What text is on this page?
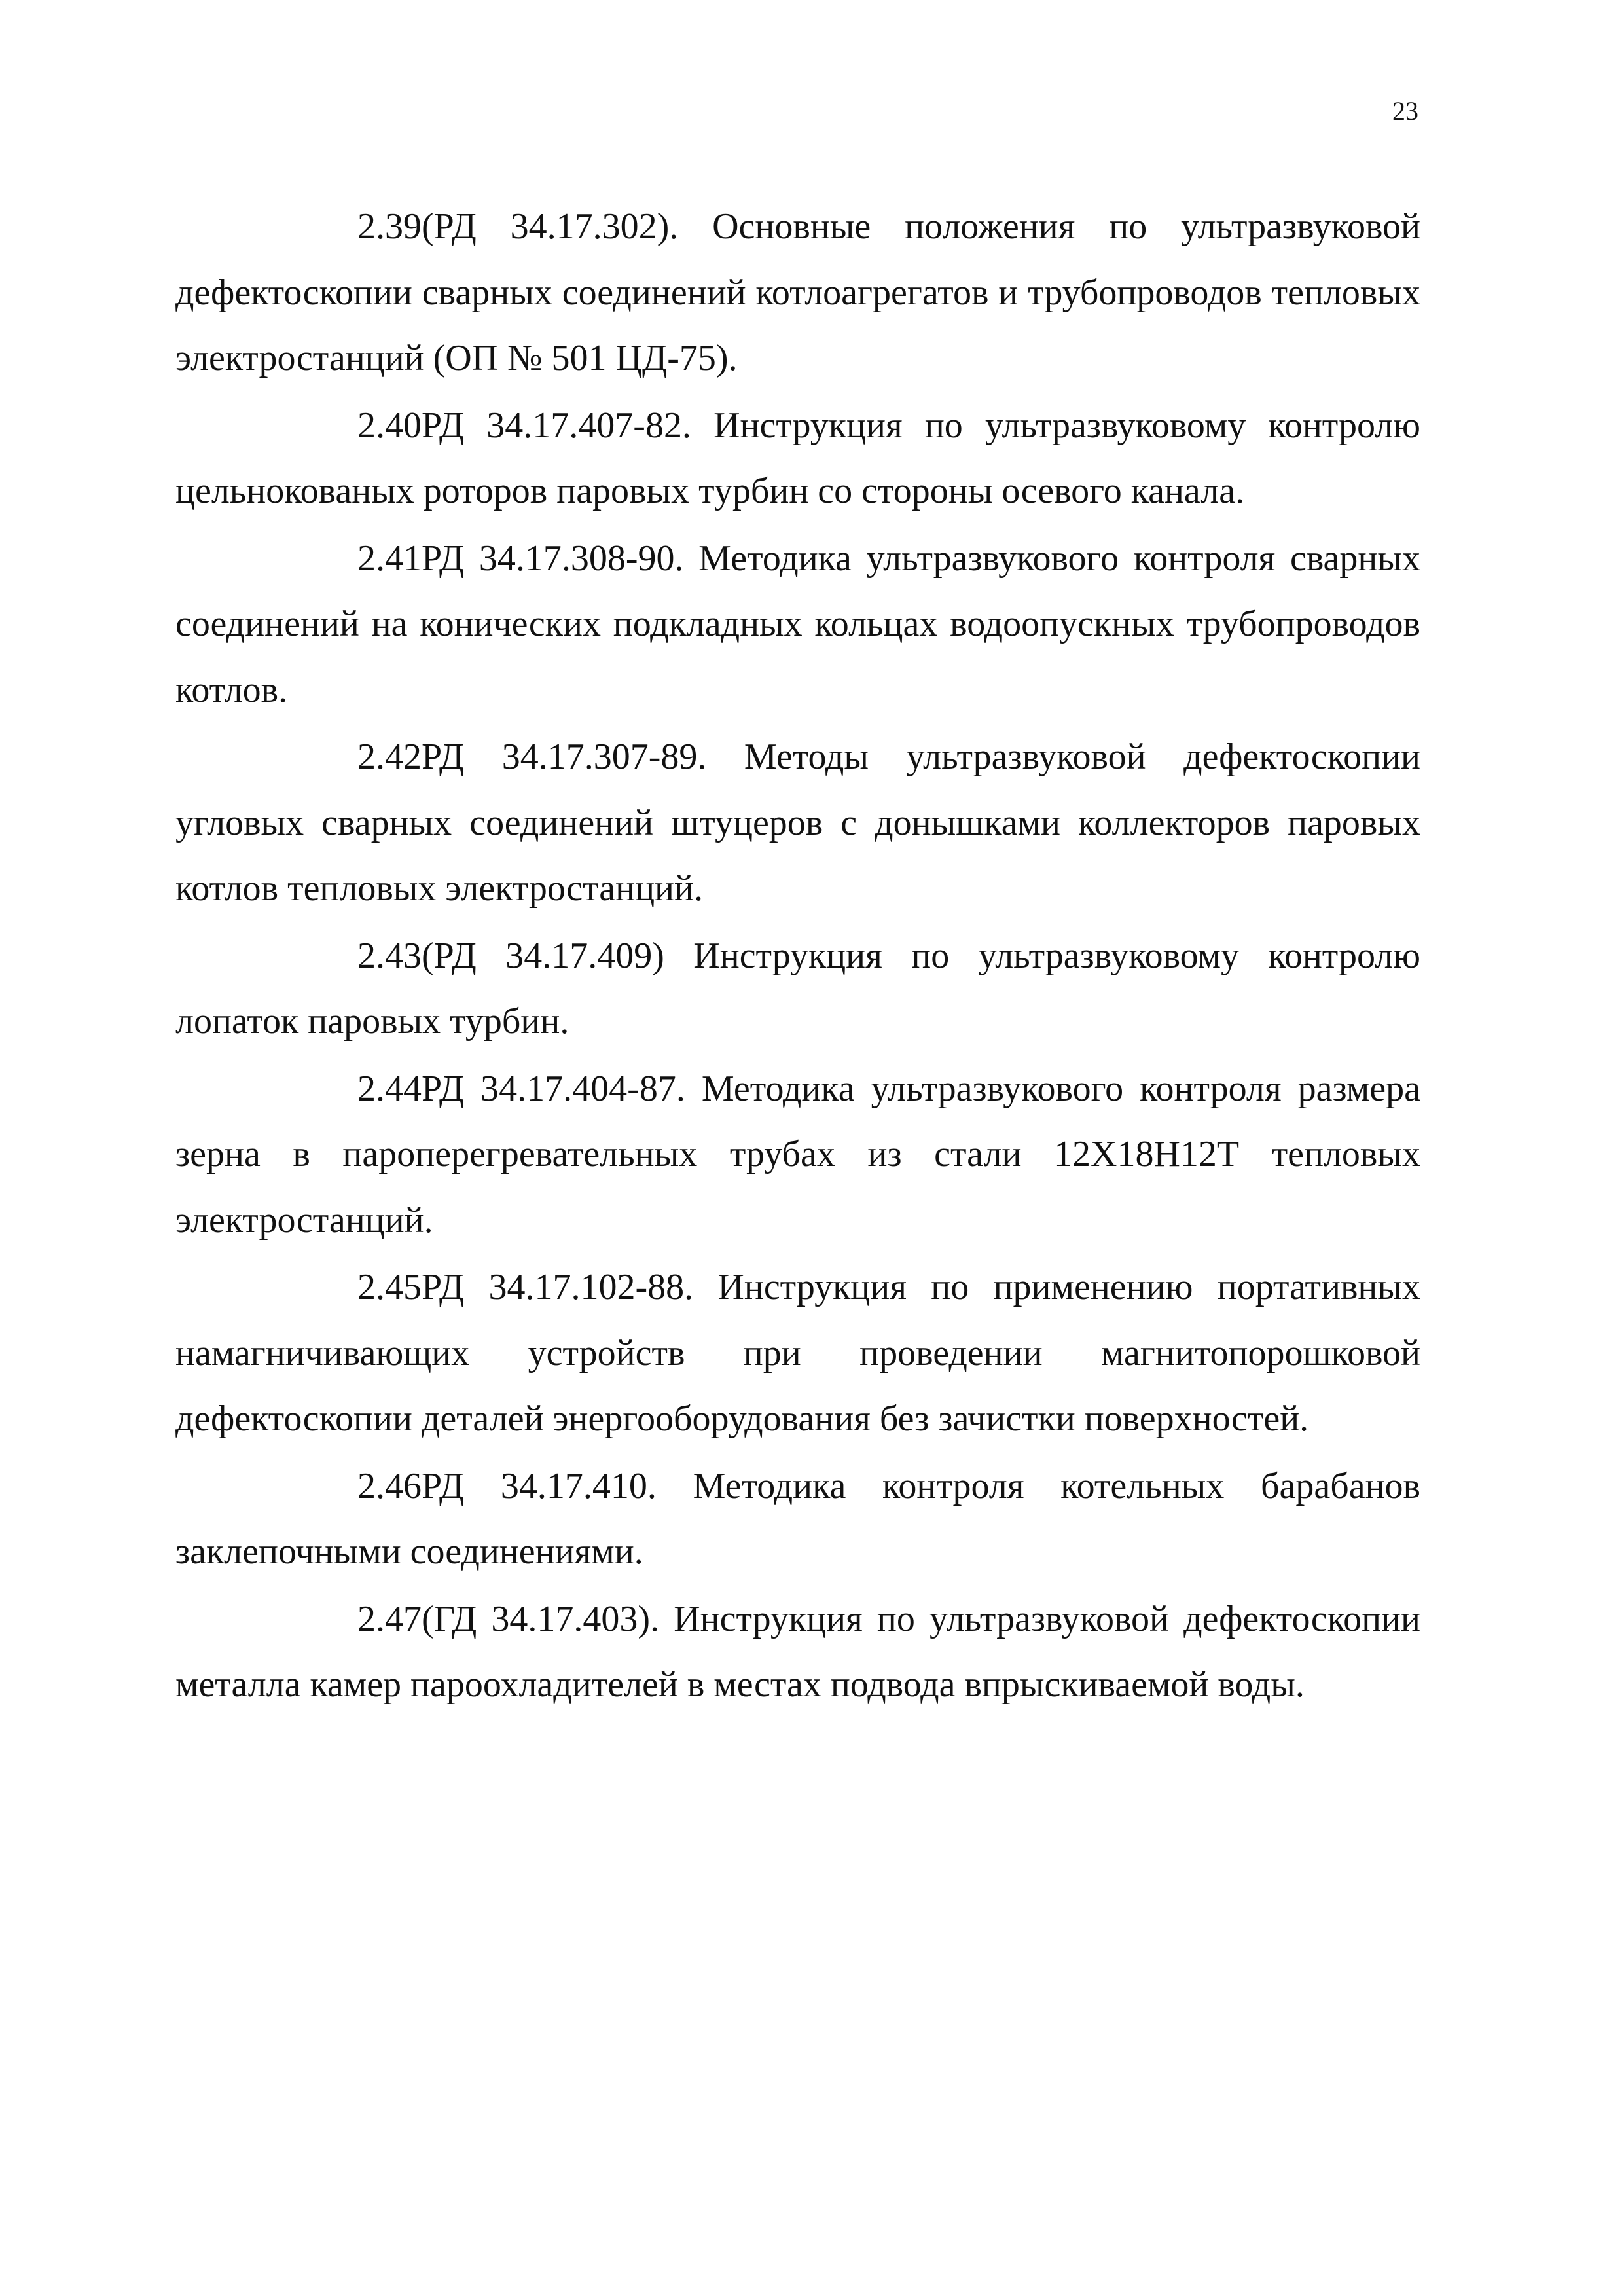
23

2.39(РД 34.17.302). Основные положения по ультразвуковой дефектоскопии сварных соединений котлоагрегатов и трубопроводов тепловых электростанций (ОП № 501 ЦД-75).

2.40РД 34.17.407-82. Инструкция по ультразвуковому контролю цельнокованых роторов паровых турбин со стороны осевого канала.

2.41РД 34.17.308-90. Методика ультразвукового контроля сварных соединений на конических подкладных кольцах водоопускных трубопроводов котлов.

2.42РД 34.17.307-89. Методы ультразвуковой дефектоскопии угловых сварных соединений штуцеров с донышками коллекторов паровых котлов тепловых электростанций.

2.43(РД 34.17.409) Инструкция по ультразвуковому контролю лопаток паровых турбин.

2.44РД 34.17.404-87. Методика ультразвукового контроля размера зерна в пароперегревательных трубах из стали 12Х18Н12Т тепловых электростанций.

2.45РД 34.17.102-88. Инструкция по применению портативных намагничивающих устройств при проведении магнитопорошковой дефектоскопии деталей энергооборудования без зачистки поверхностей.

2.46РД 34.17.410. Методика контроля котельных барабанов заклепочными соединениями.

2.47(ГД 34.17.403). Инструкция по ультразвуковой дефектоскопии металла камер пароохладителей в местах подвода впрыскиваемой воды.
